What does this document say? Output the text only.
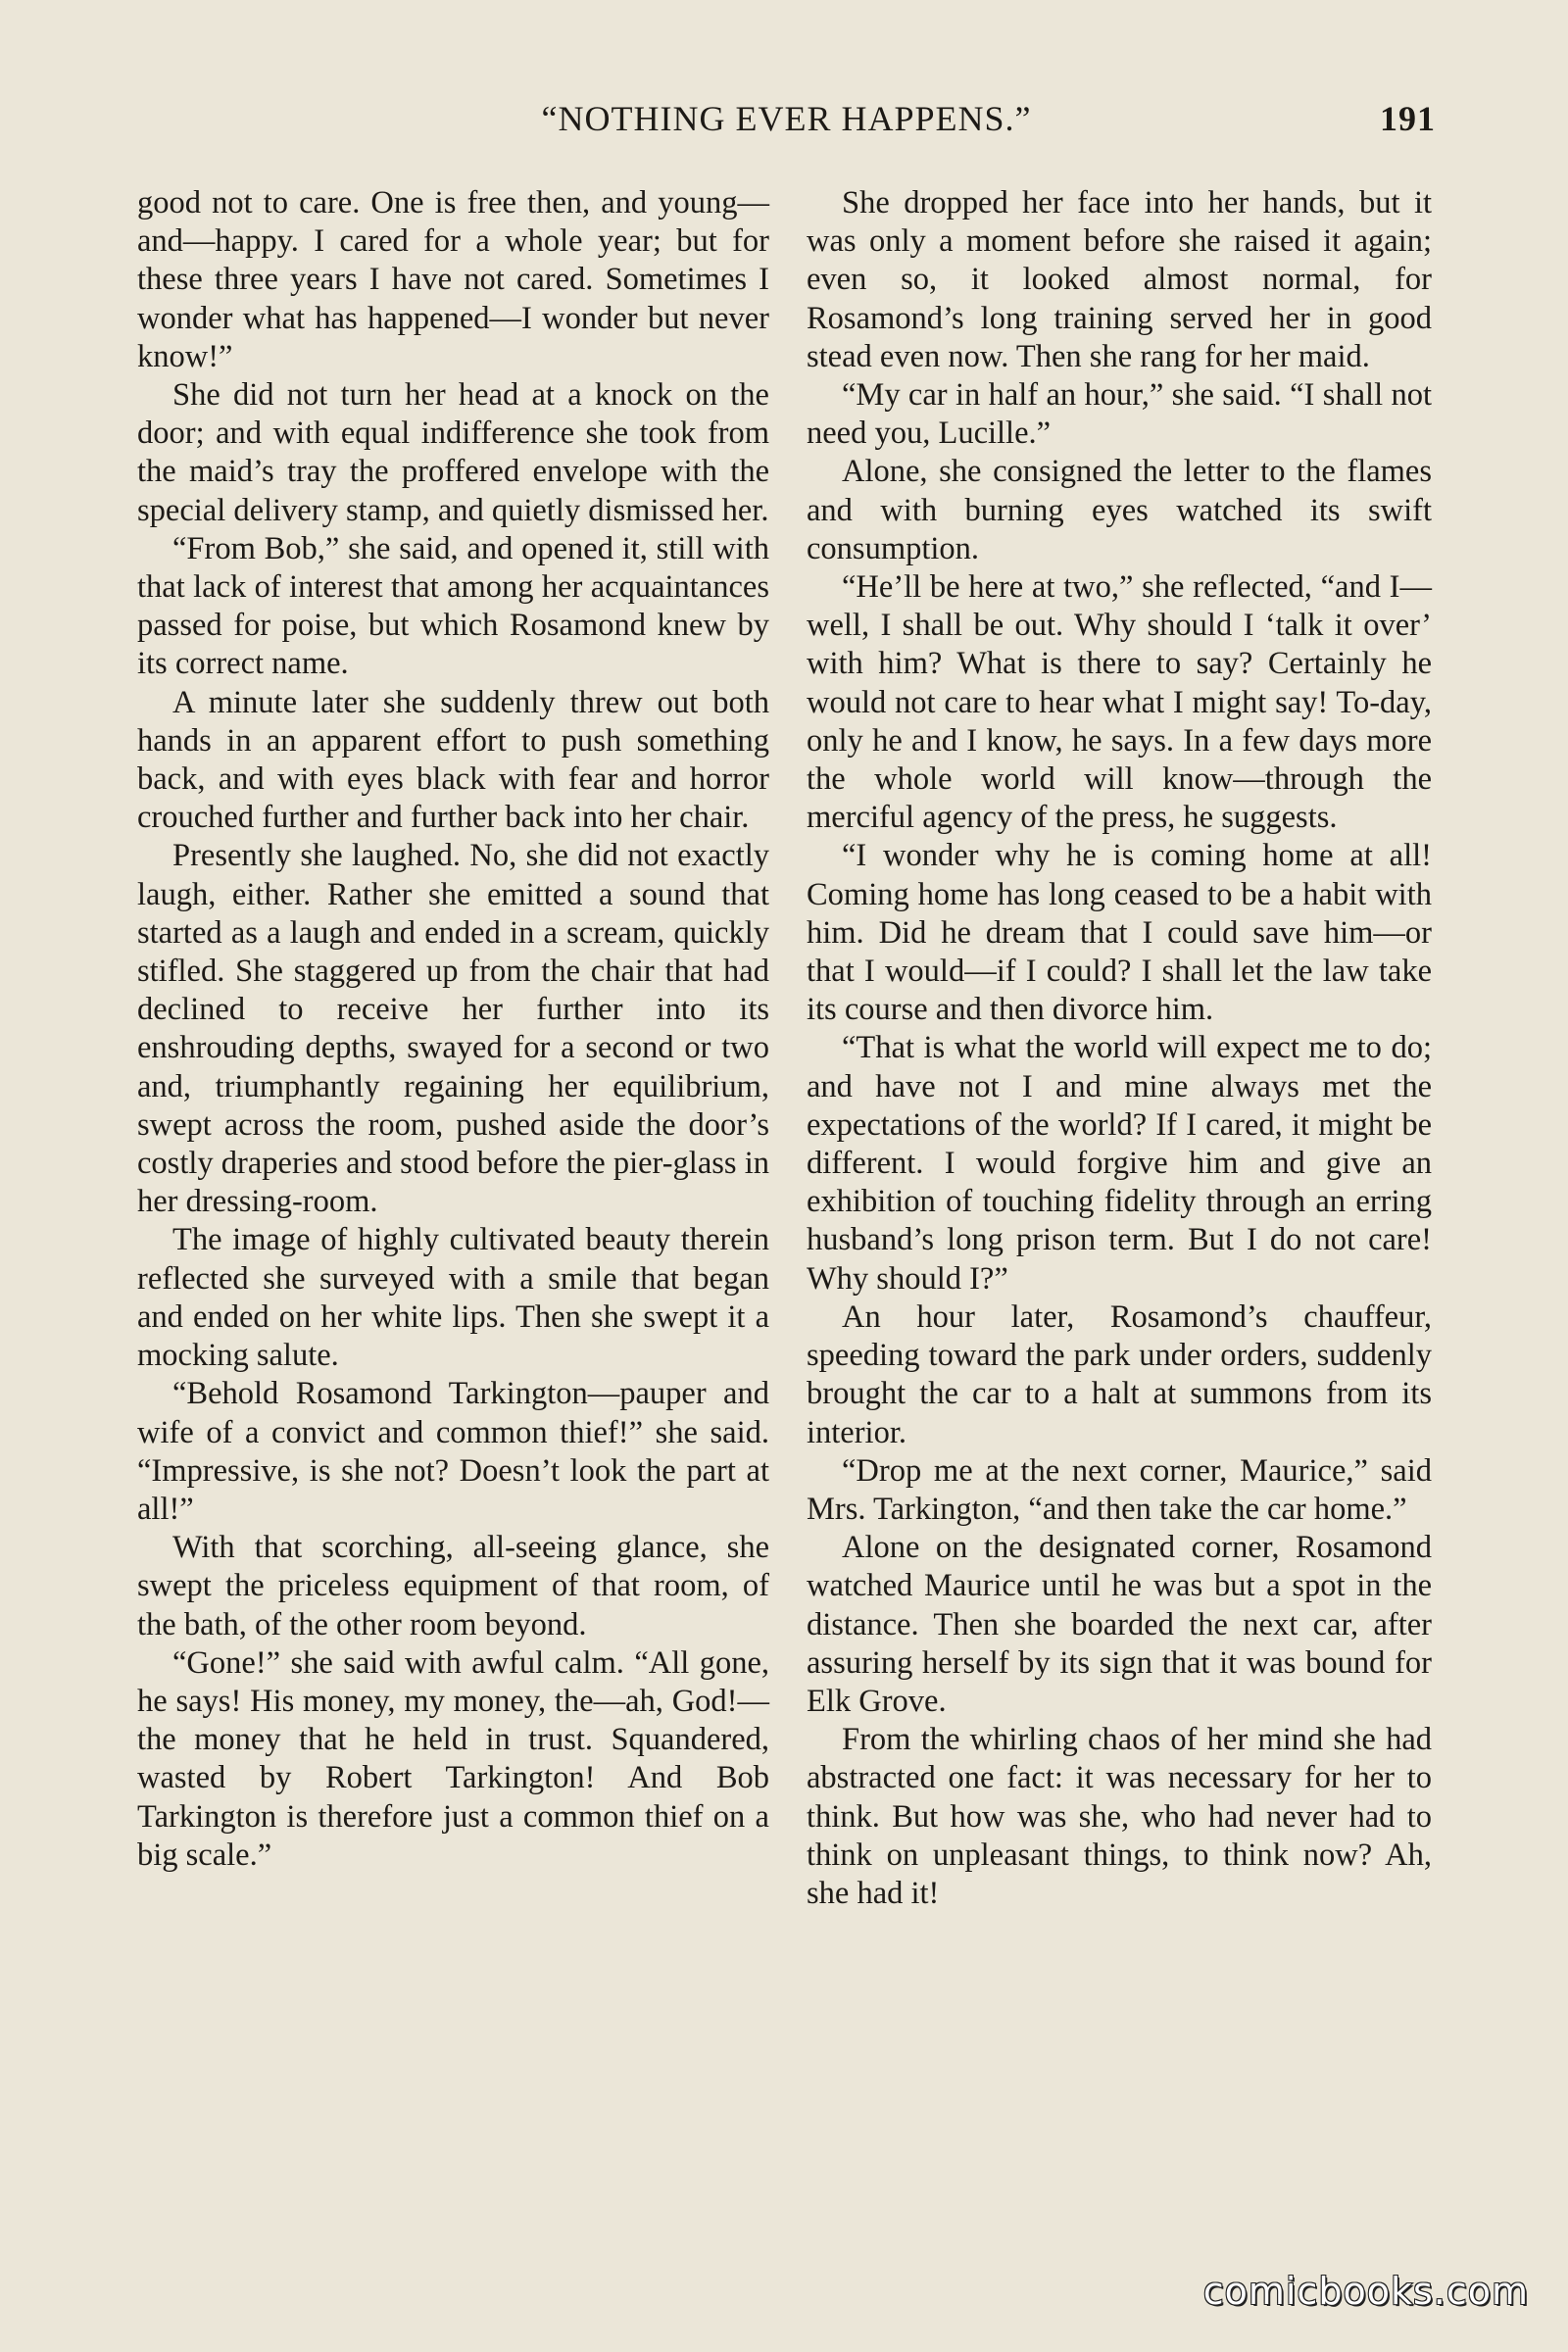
“NOTHING EVER HAPPENS.”	191

good not to care. One is free then, and young—and—happy. I cared for a whole year; but for these three years I have not cared. Sometimes I wonder what has happened—I wonder but never know!”

She did not turn her head at a knock on the door; and with equal indifference she took from the maid’s tray the proffered envelope with the special delivery stamp, and quietly dismissed her.

“From Bob,” she said, and opened it, still with that lack of interest that among her acquaintances passed for poise, but which Rosamond knew by its correct name.

A minute later she suddenly threw out both hands in an apparent effort to push something back, and with eyes black with fear and horror crouched further and further back into her chair.

Presently she laughed. No, she did not exactly laugh, either. Rather she emitted a sound that started as a laugh and ended in a scream, quickly stifled. She staggered up from the chair that had declined to receive her further into its enshrouding depths, swayed for a second or two and, triumphantly regaining her equilibrium, swept across the room, pushed aside the door’s costly draperies and stood before the pier-glass in her dressing-room.

The image of highly cultivated beauty therein reflected she surveyed with a smile that began and ended on her white lips. Then she swept it a mocking salute.

“Behold Rosamond Tarkington—pauper and wife of a convict and common thief!” she said. “Impressive, is she not? Doesn’t look the part at all!”

With that scorching, all-seeing glance, she swept the priceless equipment of that room, of the bath, of the other room beyond.

“Gone!” she said with awful calm. “All gone, he says! His money, my money, the—ah, God!—the money that he held in trust. Squandered, wasted by Robert Tarkington! And Bob Tarkington is therefore just a common thief on a big scale.”

She dropped her face into her hands, but it was only a moment before she raised it again; even so, it looked almost normal, for Rosamond’s long training served her in good stead even now. Then she rang for her maid.

“My car in half an hour,” she said. “I shall not need you, Lucille.”

Alone, she consigned the letter to the flames and with burning eyes watched its swift consumption.

“He’ll be here at two,” she reflected, “and I—well, I shall be out. Why should I ‘talk it over’ with him? What is there to say? Certainly he would not care to hear what I might say! To-day, only he and I know, he says. In a few days more the whole world will know—through the merciful agency of the press, he suggests.

“I wonder why he is coming home at all! Coming home has long ceased to be a habit with him. Did he dream that I could save him—or that I would—if I could? I shall let the law take its course and then divorce him.

“That is what the world will expect me to do; and have not I and mine always met the expectations of the world? If I cared, it might be different. I would forgive him and give an exhibition of touching fidelity through an erring husband’s long prison term. But I do not care! Why should I?”

An hour later, Rosamond’s chauffeur, speeding toward the park under orders, suddenly brought the car to a halt at summons from its interior.

“Drop me at the next corner, Maurice,” said Mrs. Tarkington, “and then take the car home.”

Alone on the designated corner, Rosamond watched Maurice until he was but a spot in the distance. Then she boarded the next car, after assuring herself by its sign that it was bound for Elk Grove.

From the whirling chaos of her mind she had abstracted one fact: it was necessary for her to think. But how was she, who had never had to think on unpleasant things, to think now? Ah, she had it!

comicbooks.com
